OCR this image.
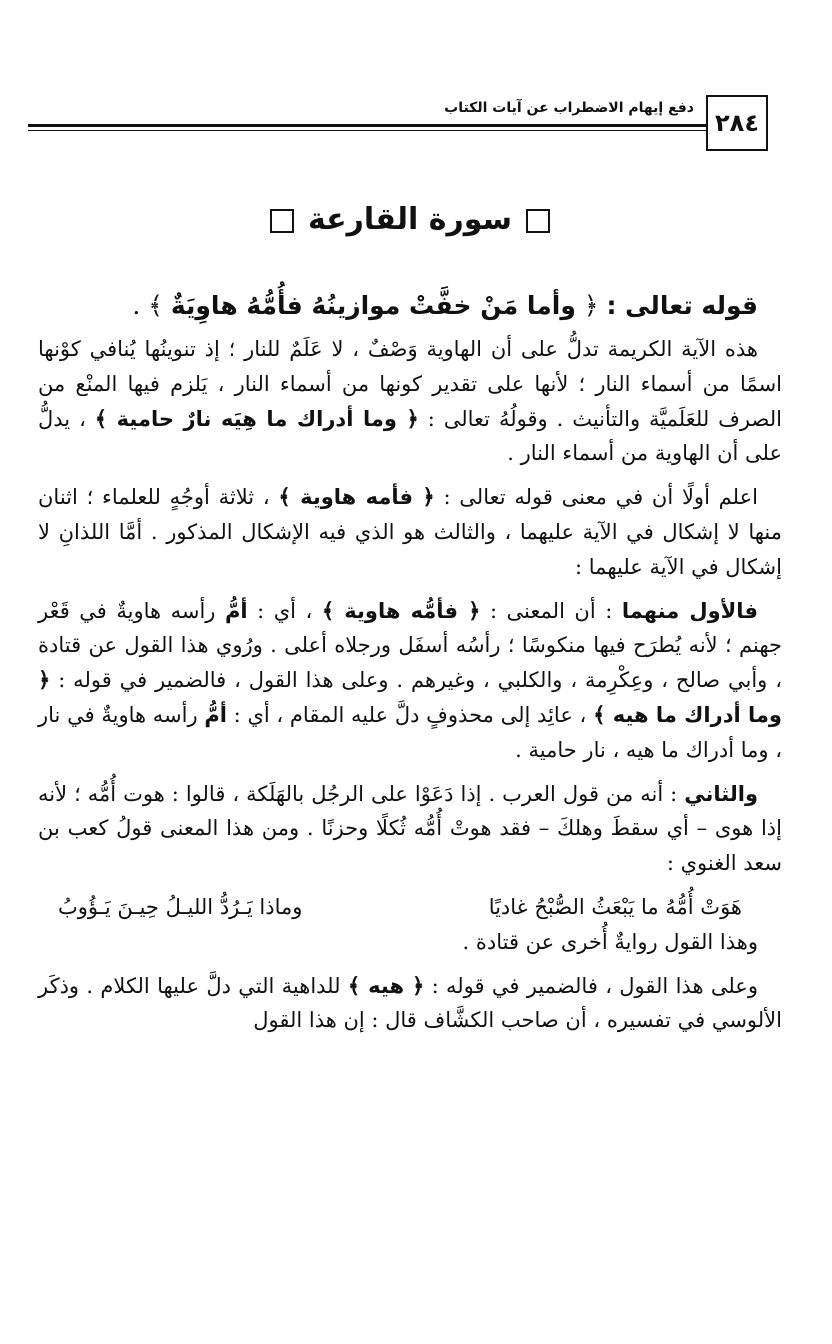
٢٨٤
دفع إيهام الاضطراب عن آيات الكتاب
سورة القارعة

قوله تعالى : ﴿ وأما مَنْ خفَّتْ موازينُهُ فأُمُّهُ هاوِيَةٌ ﴾ .

هذه الآية الكريمة تدلُّ على أن الهاوية وَصْفٌ ، لا عَلَمٌ للنار ؛ إذ تنوينُها يُنافي كوْنها اسمًا من أسماء النار ؛ لأنها على تقدير كونها من أسماء النار ، يَلزم فيها المنْع من الصرف للعَلَميَّة والتأنيث . وقولُهُ تعالى : ﴿ وما أدراك ما هِيَه نارٌ حامية ﴾ ، يدلُّ على أن الهاوية من أسماء النار .

اعلم أولًا أن في معنى قوله تعالى : ﴿ فأمه هاوية ﴾ ، ثلاثة أوجُهٍ للعلماء ؛ اثنان منها لا إشكال في الآية عليهما ، والثالث هو الذي فيه الإشكال المذكور . أمَّا اللذانِ لا إشكال في الآية عليهما :

فالأول منهما : أن المعنى : ﴿ فأمُّه هاوية ﴾ ، أي : أمُّ رأسه هاويةٌ في قَعْر جهنم ؛ لأنه يُطرَح فيها منكوسًا ؛ رأسُه أسفَل ورجلاه أعلى . ورُوي هذا القول عن قتادة ، وأبي صالح ، وعِكْرِمة ، والكلبي ، وغيرهم . وعلى هذا القول ، فالضمير في قوله : ﴿ وما أدراك ما هيه ﴾ ، عائِد إلى محذوفٍ دلَّ عليه المقام ، أي : أمُّ رأسه هاويةٌ في نار ، وما أدراك ما هيه ، نار حامية .

والثاني : أنه من قول العرب . إذا دَعَوْا على الرجُل بالهَلَكة ، قالوا : هوت أُمُّه ؛ لأنه إذا هوى – أي سقطَ وهلكَ – فقد هوتْ أُمُّه ثُكلًا وحزنًا . ومن هذا المعنى قولُ كعب بن سعد الغنوي :

هَوَتْ أُمُّهُ ما يَبْعَثُ الصُّبْحُ غاديًا
وماذا يَـرُدُّ الليـلُ حِيـنَ يَـؤُوبُ

وهذا القول روايةٌ أُخرى عن قتادة .

وعلى هذا القول ، فالضمير في قوله : ﴿ هيه ﴾ للداهية التي دلَّ عليها الكلام . وذكَر الألوسي في تفسيره ، أن صاحب الكشَّاف قال : إن هذا القول
